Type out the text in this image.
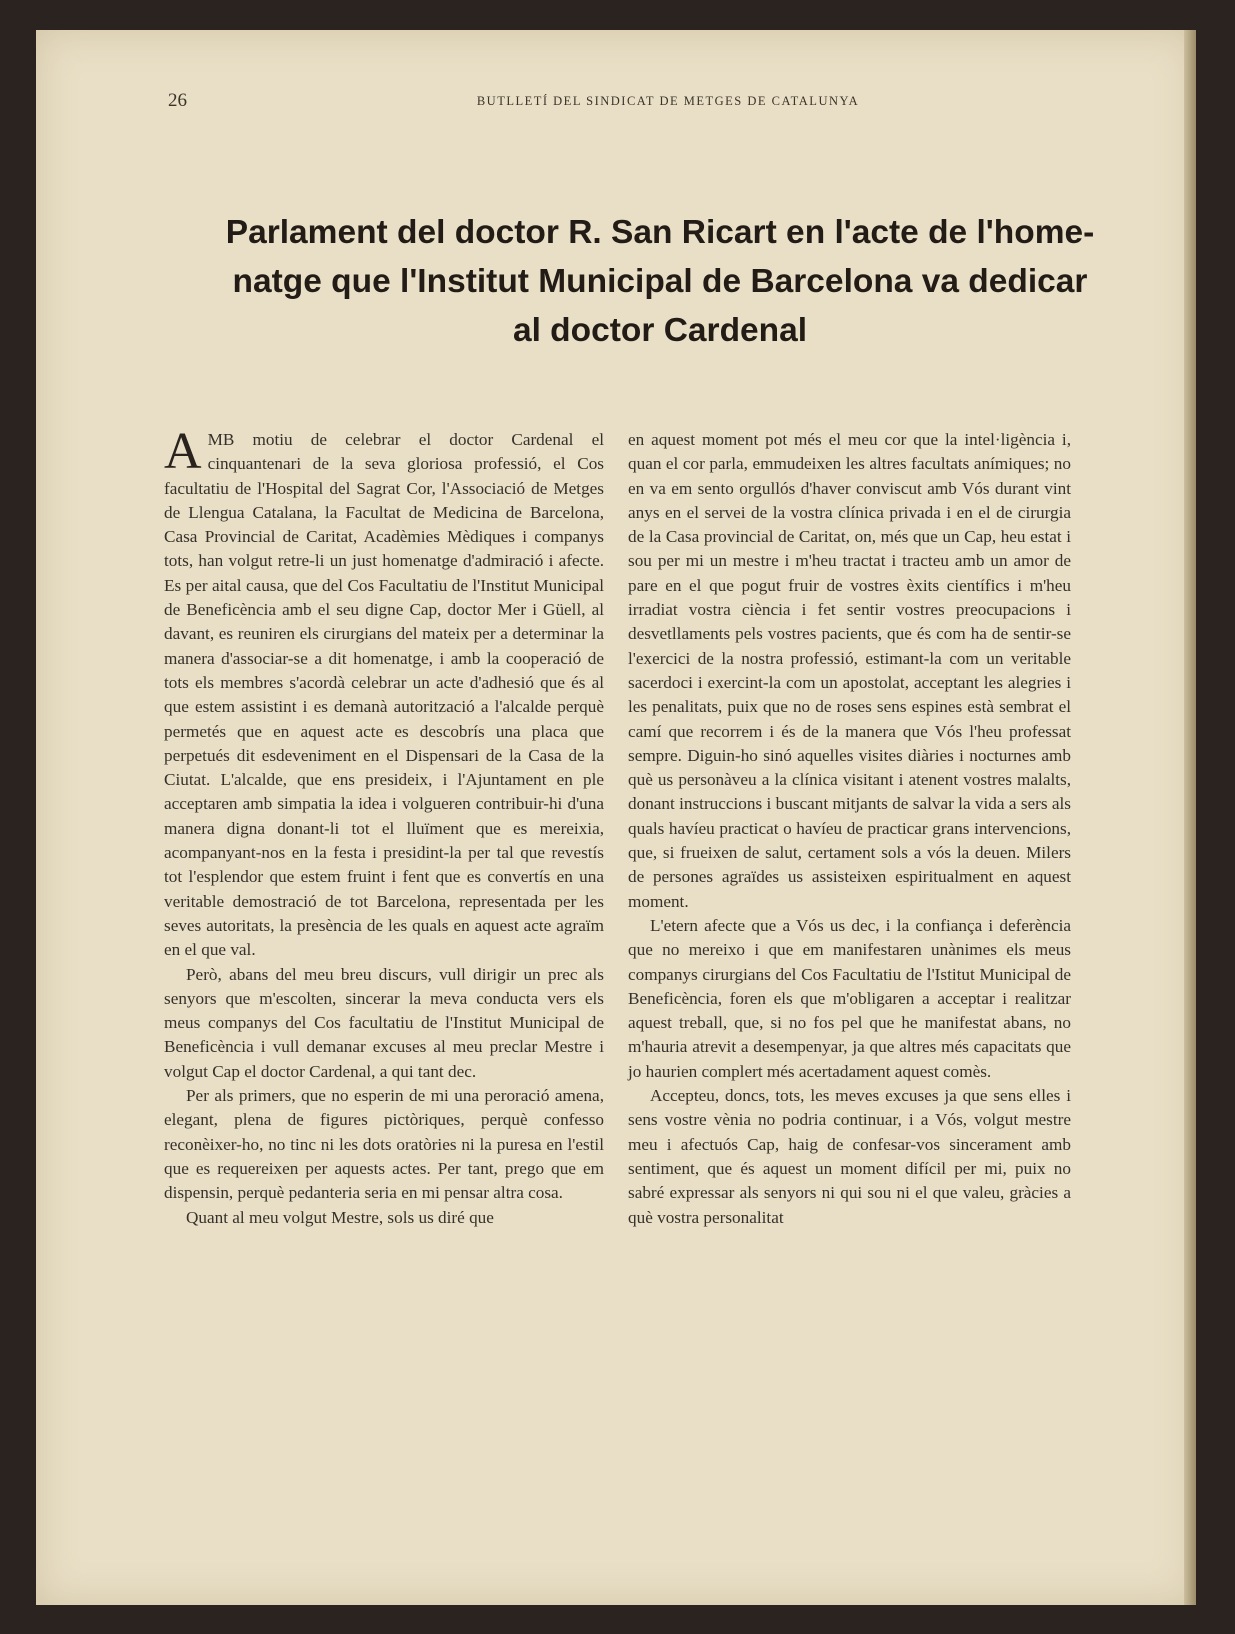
26	BUTLLETÍ DEL SINDICAT DE METGES DE CATALUNYA
Parlament del doctor R. San Ricart en l'acte de l'home-
natge que l'Institut Municipal de Barcelona va dedicar
al doctor Cardenal

AMB motiu de celebrar el doctor Cardenal el cinquantenari de la seva gloriosa professió, el Cos facultatiu de l'Hospital del Sagrat Cor, l'Associació de Metges de Llengua Catalana, la Facultat de Medicina de Barcelona, Casa Provincial de Caritat, Acadèmies Mèdiques i companys tots, han volgut retre-li un just homenatge d'admiració i afecte. Es per aital causa, que del Cos Facultatiu de l'Institut Municipal de Beneficència amb el seu digne Cap, doctor Mer i Güell, al davant, es reuniren els cirurgians del mateix per a determinar la manera d'associar-se a dit homenatge, i amb la cooperació de tots els membres s'acordà celebrar un acte d'adhesió que és al que estem assistint i es demanà autorització a l'alcalde perquè permetés que en aquest acte es descobrís una placa que perpetués dit esdeveniment en el Dispensari de la Casa de la Ciutat. L'alcalde, que ens presideix, i l'Ajuntament en ple acceptaren amb simpatia la idea i volgueren contribuir-hi d'una manera digna donant-li tot el lluïment que es mereixia, acompanyant-nos en la festa i presidint-la per tal que revestís tot l'esplendor que estem fruint i fent que es convertís en una veritable demostració de tot Barcelona, representada per les seves autoritats, la presència de les quals en aquest acte agraïm en el que val.

Però, abans del meu breu discurs, vull dirigir un prec als senyors que m'escolten, sincerar la meva conducta vers els meus companys del Cos facultatiu de l'Institut Municipal de Beneficència i vull demanar excuses al meu preclar Mestre i volgut Cap el doctor Cardenal, a qui tant dec.

Per als primers, que no esperin de mi una peroració amena, elegant, plena de figures pictòriques, perquè confesso reconèixer-ho, no tinc ni les dots oratòries ni la puresa en l'estil que es requereixen per aquests actes. Per tant, prego que em dispensin, perquè pedanteria seria en mi pensar altra cosa.

Quant al meu volgut Mestre, sols us diré que

en aquest moment pot més el meu cor que la intel·ligència i, quan el cor parla, emmudeixen les altres facultats anímiques; no en va em sento orgullós d'haver conviscut amb Vós durant vint anys en el servei de la vostra clínica privada i en el de cirurgia de la Casa provincial de Caritat, on, més que un Cap, heu estat i sou per mi un mestre i m'heu tractat i tracteu amb un amor de pare en el que pogut fruir de vostres èxits científics i m'heu irradiat vostra ciència i fet sentir vostres preocupacions i desvetllaments pels vostres pacients, que és com ha de sentir-se l'exercici de la nostra professió, estimant-la com un veritable sacerdoci i exercint-la com un apostolat, acceptant les alegries i les penalitats, puix que no de roses sens espines està sembrat el camí que recorrem i és de la manera que Vós l'heu professat sempre. Diguin-ho sinó aquelles visites diàries i nocturnes amb què us personàveu a la clínica visitant i atenent vostres malalts, donant instruccions i buscant mitjants de salvar la vida a sers als quals havíeu practicat o havíeu de practicar grans intervencions, que, si frueixen de salut, certament sols a vós la deuen. Milers de persones agraïdes us assisteixen espiritualment en aquest moment.

L'etern afecte que a Vós us dec, i la confiança i deferència que no mereixo i que em manifestaren unànimes els meus companys cirurgians del Cos Facultatiu de l'Istitut Municipal de Beneficència, foren els que m'obligaren a acceptar i realitzar aquest treball, que, si no fos pel que he manifestat abans, no m'hauria atrevit a desempenyar, ja que altres més capacitats que jo haurien complert més acertadament aquest comès.

Accepteu, doncs, tots, les meves excuses ja que sens elles i sens vostre vènia no podria continuar, i a Vós, volgut mestre meu i afectuós Cap, haig de confesar-vos sincerament amb sentiment, que és aquest un moment difícil per mi, puix no sabré expressar als senyors ni qui sou ni el que valeu, gràcies a què vostra personalitat
